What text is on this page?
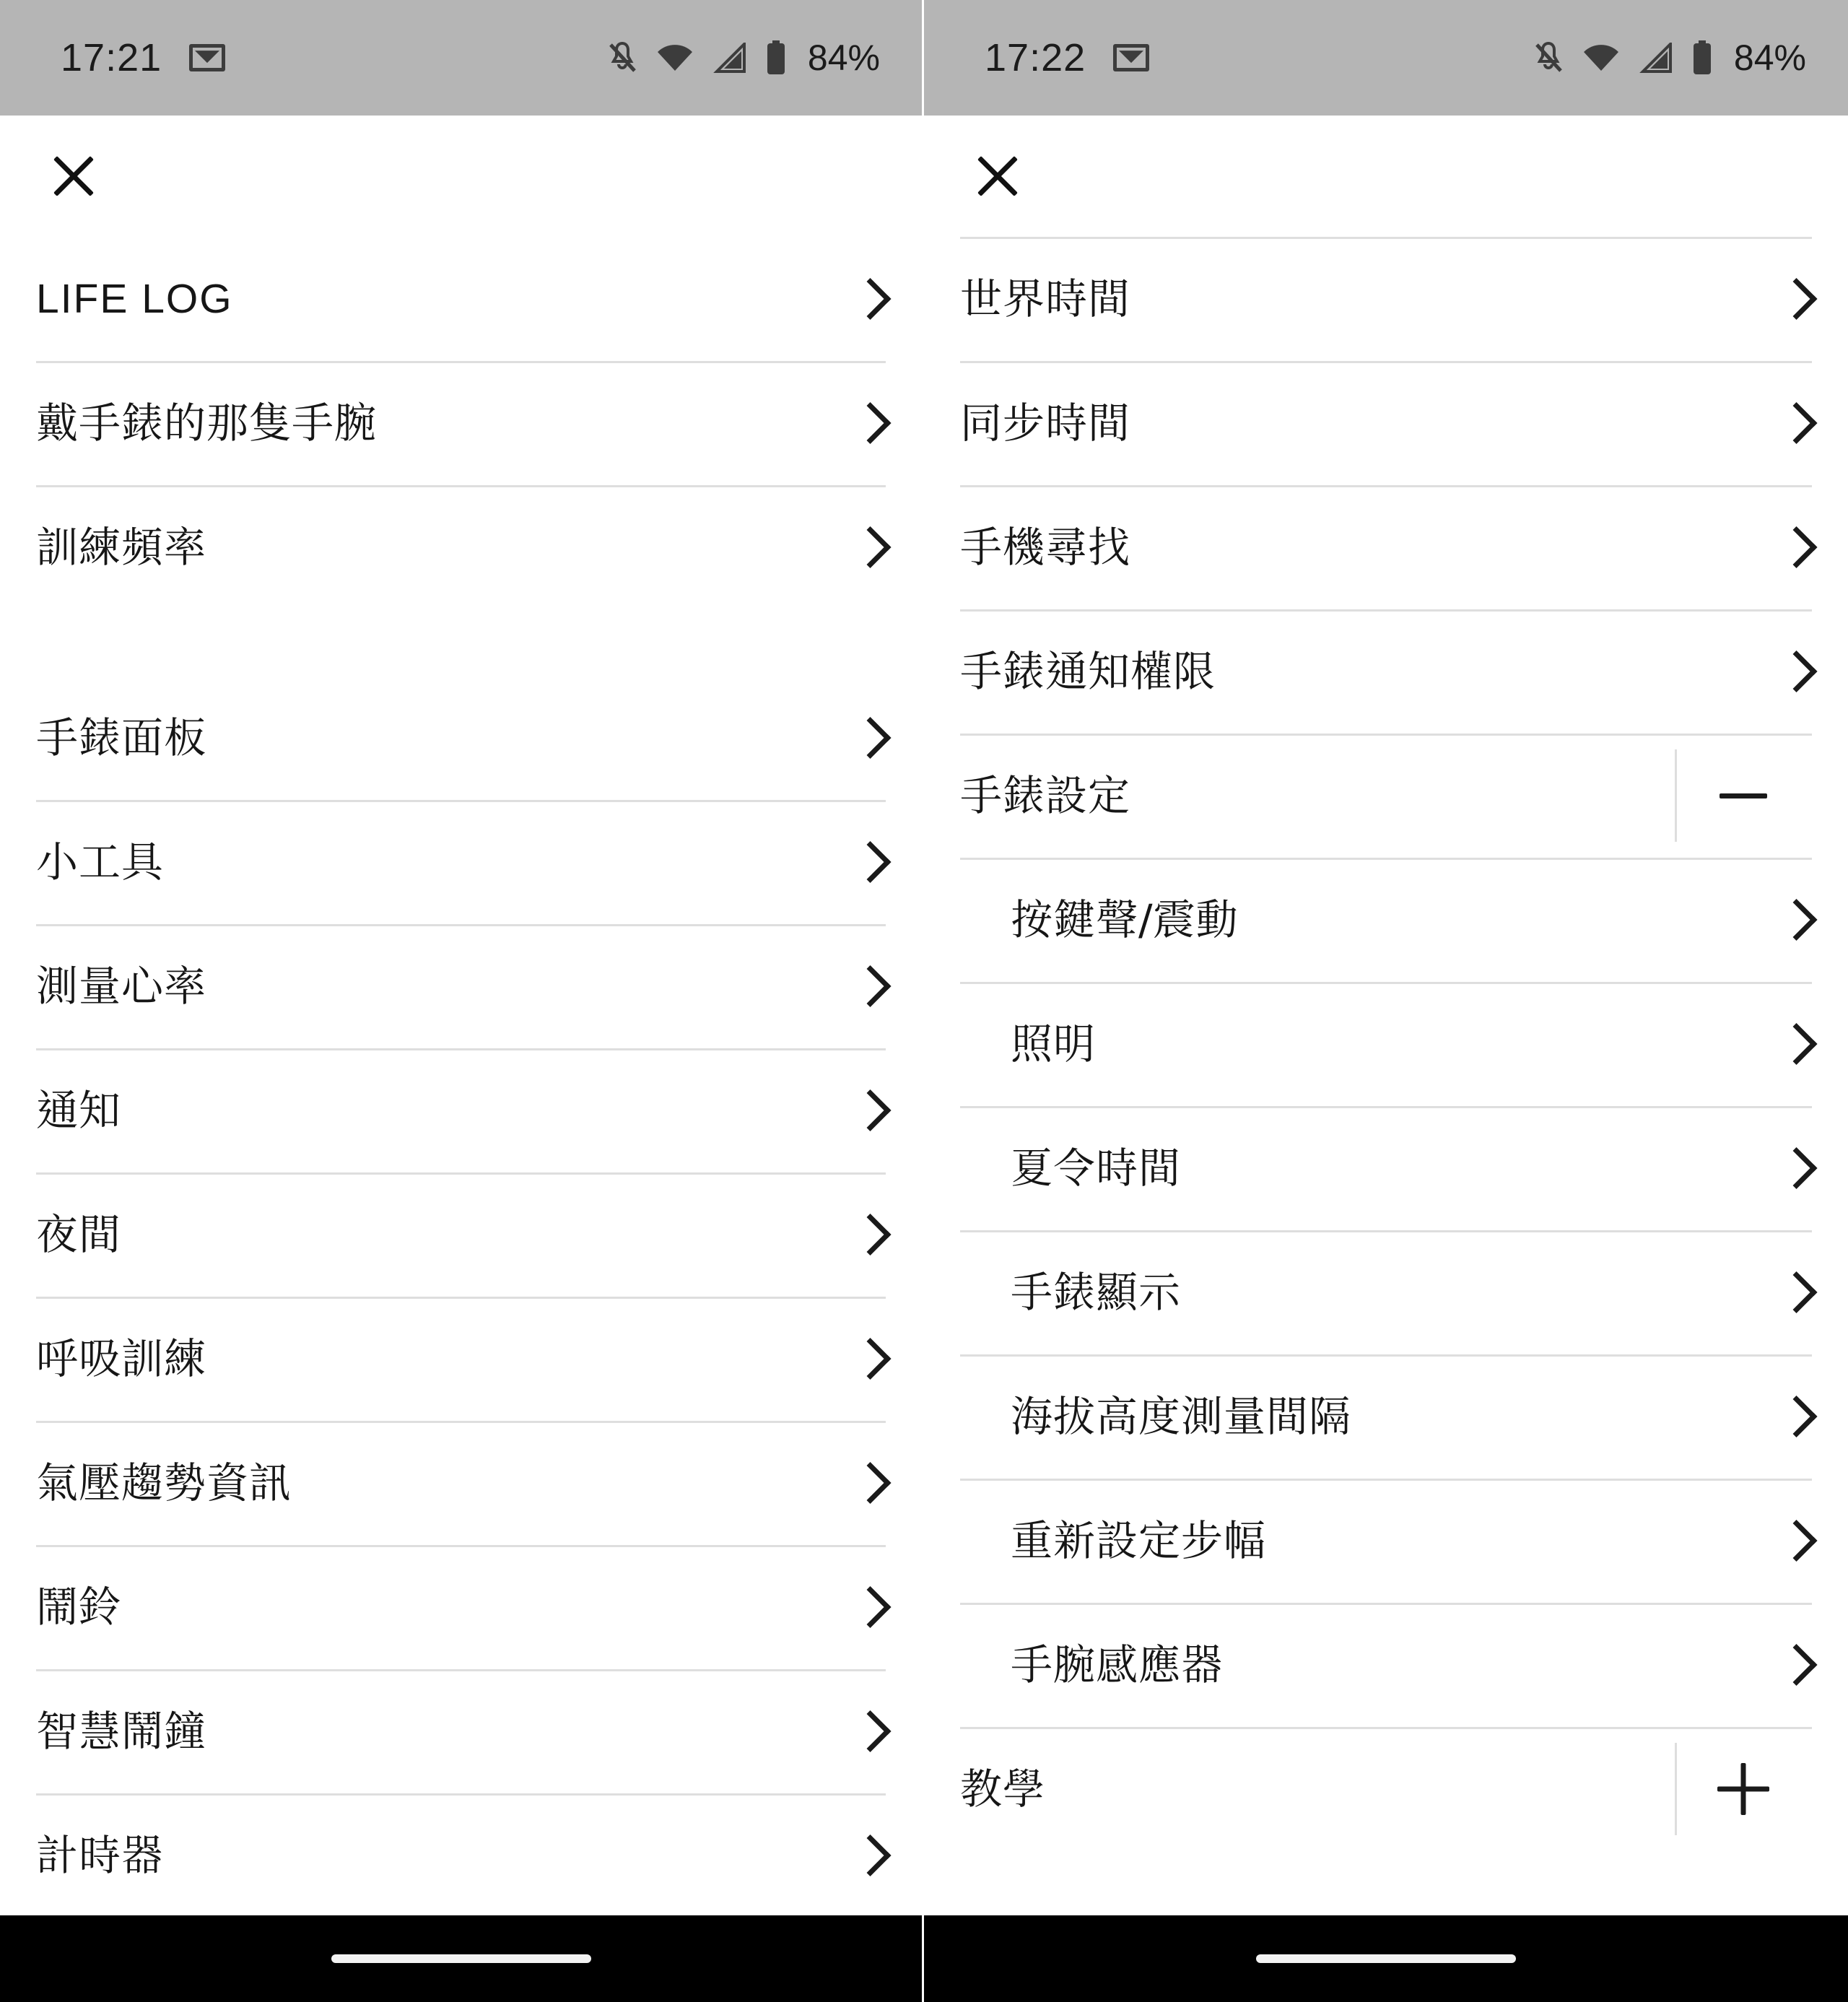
17:21	84%
LIFE LOG
戴手錶的那隻手腕
訓練頻率
手錶面板
小工具
測量心率
通知
夜間
呼吸訓練
氣壓趨勢資訊
鬧鈴
智慧鬧鐘
計時器
17:22	84%
世界時間
同步時間
手機尋找
手錶通知權限
手錶設定
按鍵聲/震動
照明
夏令時間
手錶顯示
海拔高度測量間隔
重新設定步幅
手腕感應器
教學
